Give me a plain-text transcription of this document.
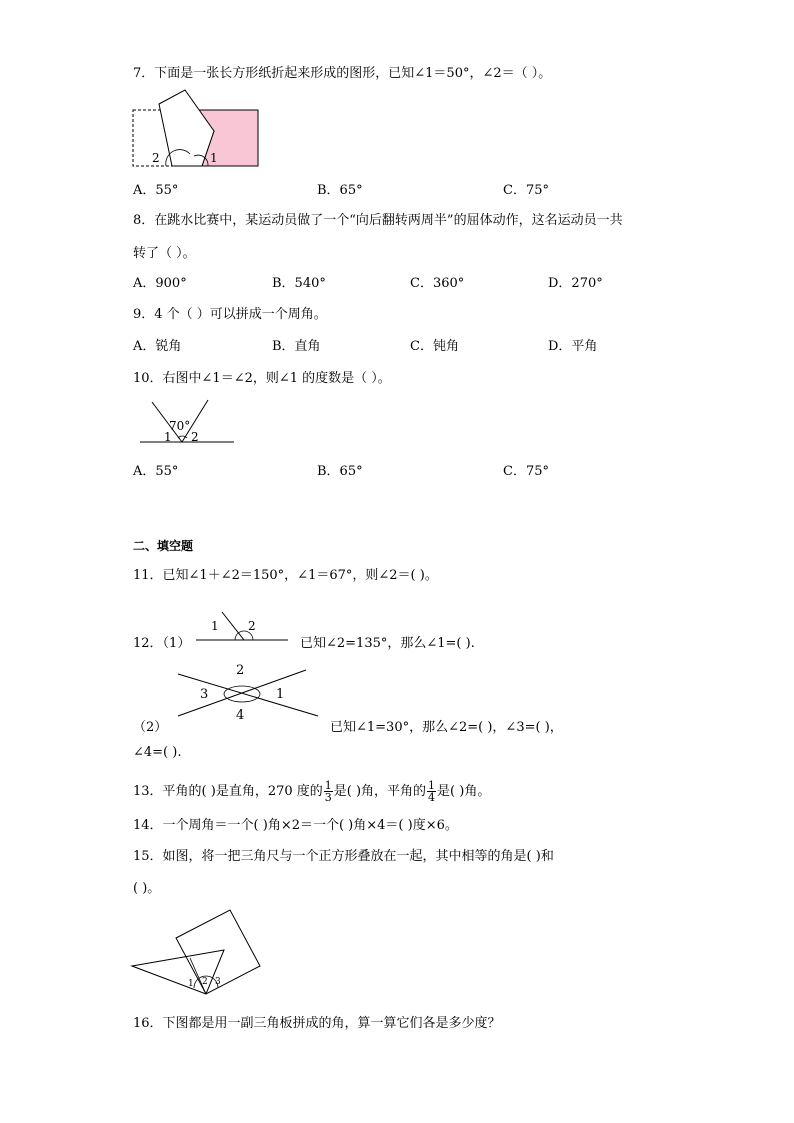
7．下面是一张长方形纸折起来形成的图形，已知∠1＝50°，∠2＝（ ）。
2	1
A．55°	B．65°	C．75°
8．在跳水比赛中，某运动员做了一个“向后翻转两周半”的屈体动作，这名运动员一共
转了（ ）。
A．900°	B．540°	C．360°	D．270°
9．4 个（ ）可以拼成一个周角。
A．锐角	B．直角	C．钝角	D．平角
10．右图中∠1＝∠2，则∠1 的度数是（ ）。
70°
1 2
A．55°	B．65°	C．75°
二、填空题
11．已知∠1＋∠2＝150°，∠1＝67°，则∠2＝( )。
12．（1）
1 2
已知∠2=135°，那么∠1=( ).
2
3	1
4
（2）	已知∠1=30°，那么∠2=( )，∠3=( )，
∠4=( ).
13．平角的( )是直角，270 度的 $\frac{1}{3}$ 是( )角，平角的 $\frac{1}{4}$ 是( )角。
14．一个周角＝一个( )角×2＝一个( )角×4＝( )度×6。
15．如图，将一把三角尺与一个正方形叠放在一起，其中相等的角是( )和
( )。
1 2 3
16．下图都是用一副三角板拼成的角，算一算它们各是多少度？
